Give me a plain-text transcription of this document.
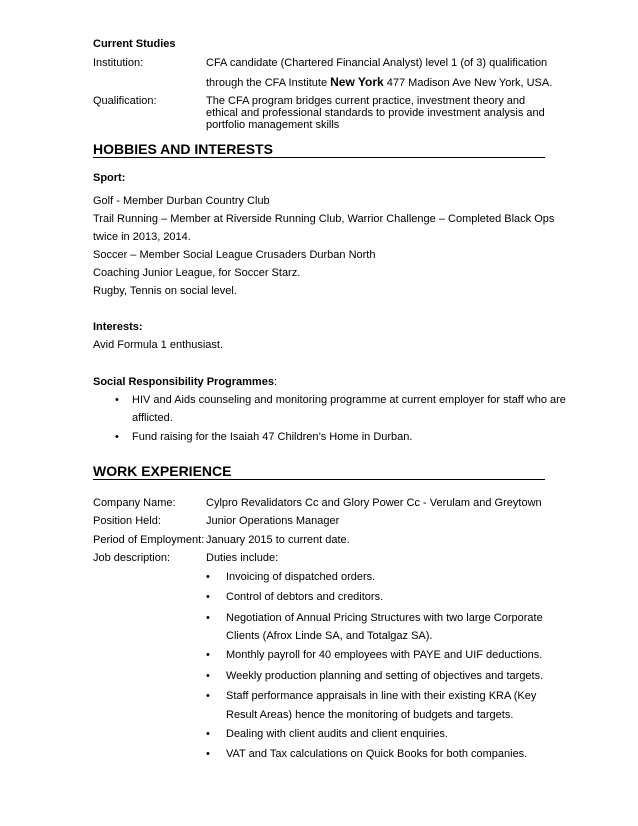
Current Studies
Institution:	CFA candidate (Chartered Financial Analyst) level 1 (of 3) qualification
through the CFA Institute New York 477 Madison Ave New York, USA.
Qualification:	The CFA program bridges current practice, investment theory and ethical and professional standards to provide investment analysis and portfolio management skills
HOBBIES AND INTERESTS
Sport:
Golf - Member Durban Country Club
Trail Running – Member at Riverside Running Club, Warrior Challenge – Completed Black Ops
twice in 2013, 2014.
Soccer – Member Social League Crusaders Durban North
Coaching Junior League, for Soccer Starz.
Rugby, Tennis on social level.
Interests:
Avid Formula 1 enthusiast.
Social Responsibility Programmes:
• HIV and Aids counseling and monitoring programme at current employer for staff who are
afflicted.
• Fund raising for the Isaiah 47 Children’s Home in Durban.
WORK EXPERIENCE
Company Name:	Cylpro Revalidators Cc and Glory Power Cc - Verulam and Greytown
Position Held:	Junior Operations Manager
Period of Employment: January 2015 to current date.
Job description:	Duties include:
• Invoicing of dispatched orders.
• Control of debtors and creditors.
• Negotiation of Annual Pricing Structures with two large Corporate
Clients (Afrox Linde SA, and Totalgaz SA).
• Monthly payroll for 40 employees with PAYE and UIF deductions.
• Weekly production planning and setting of objectives and targets.
• Staff performance appraisals in line with their existing KRA (Key
Result Areas) hence the monitoring of budgets and targets.
• Dealing with client audits and client enquiries.
• VAT and Tax calculations on Quick Books for both companies.
